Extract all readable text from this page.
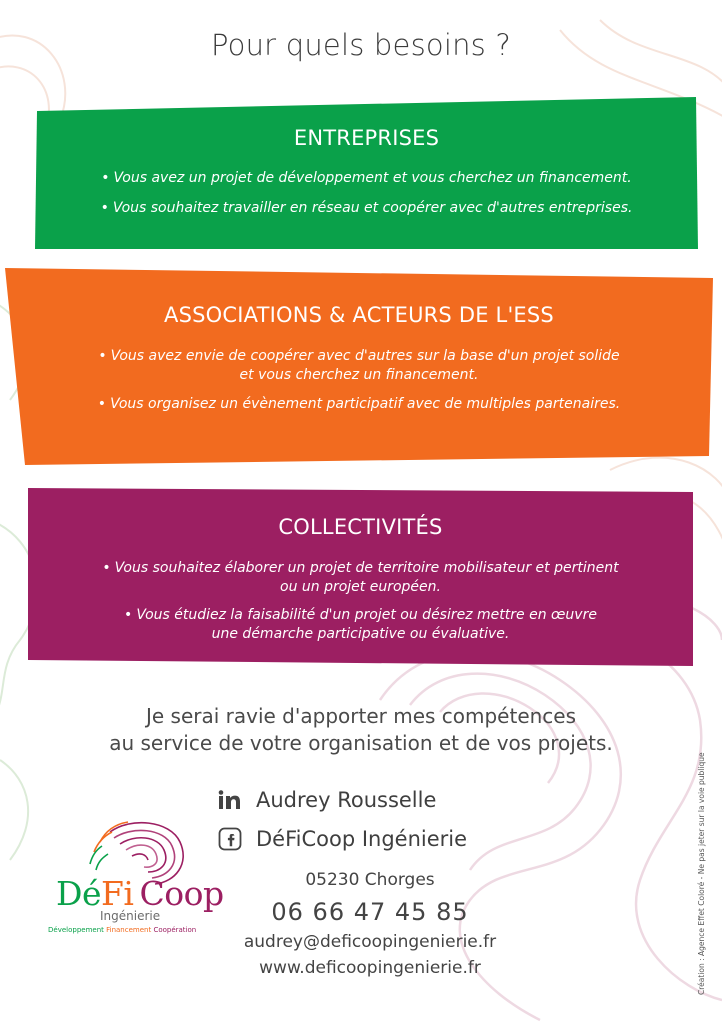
Pour quels besoins ?
ENTREPRISES
• Vous avez un projet de développement et vous cherchez un financement.
• Vous souhaitez travailler en réseau et coopérer avec d'autres entreprises.
ASSOCIATIONS & ACTEURS DE L'ESS
• Vous avez envie de coopérer avec d'autres sur la base d'un projet solide
et vous cherchez un financement.
• Vous organisez un évènement participatif avec de multiples partenaires.
COLLECTIVITÉS
• Vous souhaitez élaborer un projet de territoire mobilisateur et pertinent
ou un projet européen.
• Vous étudiez la faisabilité d'un projet ou désirez mettre en œuvre
une démarche participative ou évaluative.
Je serai ravie d'apporter mes compétences
au service de votre organisation et de vos projets.
Audrey Rousselle
DéFiCoop Ingénierie
05230 Chorges
06 66 47 45 85
audrey@deficoopingenierie.fr
www.deficoopingenierie.fr
DéFi Coop
Ingénierie
Développement Financement Coopération	Création : Agence Effet Coloré - Ne pas jeter sur la voie publique
